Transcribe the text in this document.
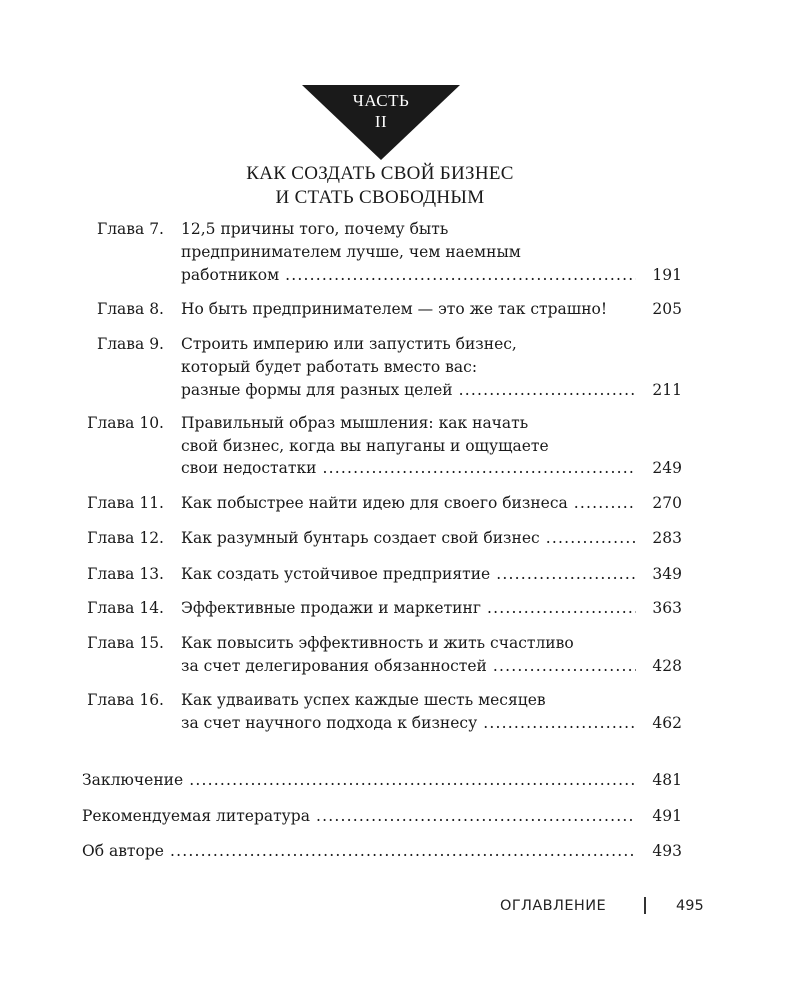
ЧАСТЬ
II
КАК СОЗДАТЬ СВОЙ БИЗНЕС
И СТАТЬ СВОБОДНЫМ
Глава 7. 12,5 причины того, почему быть
предпринимателем лучше, чем наемным
работником .....	191
Глава 8. Но быть предпринимателем — это же так страшно!	205
Глава 9. Строить империю или запустить бизнес,
который будет работать вместо вас:
разные формы для разных целей .....	211
Глава 10. Правильный образ мышления: как начать
свой бизнес, когда вы напуганы и ощущаете
свои недостатки .....	249
Глава 11. Как побыстрее найти идею для своего бизнеса .....	270
Глава 12. Как разумный бунтарь создает свой бизнес .....	283
Глава 13. Как создать устойчивое предприятие .....	349
Глава 14. Эффективные продажи и маркетинг .....	363
Глава 15. Как повысить эффективность и жить счастливо
за счет делегирования обязанностей .....	428
Глава 16. Как удваивать успех каждые шесть месяцев
за счет научного подхода к бизнесу .....	462
Заключение .....	481
Рекомендуемая литература .....	491
Об авторе .....	493
ОГЛАВЛЕНИЕ	495
